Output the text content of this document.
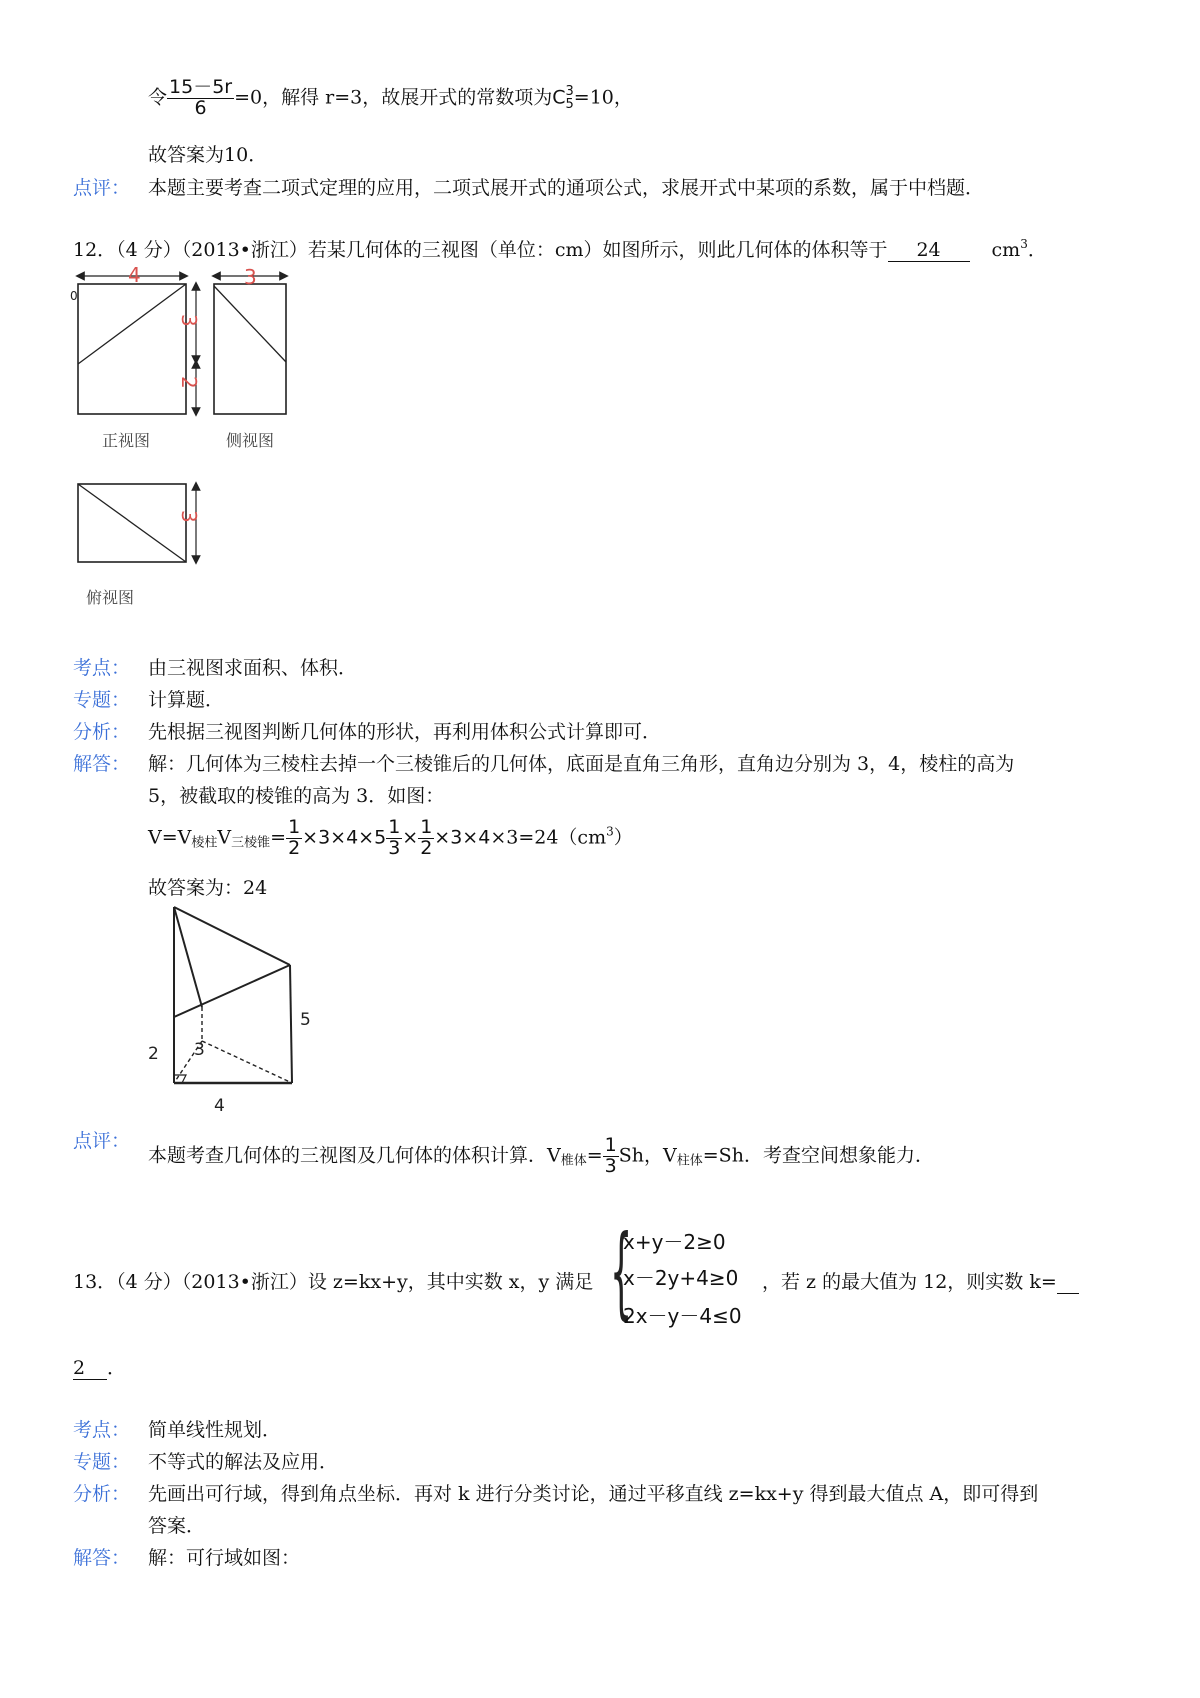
令 $\frac{15-5r}{6} =0$，解得 r=3，故展开式的常数项为C 3
5 =10，
故答案为10．
点评： 本题主要考查二项式定理的应用，二项式展开式的通项公式，求展开式中某项的系数，属于中档题．
12．（4 分）（2013•浙江）若某几何体的三视图（单位：cm）如图所示，则此几何体的体积等于 24	$cm^3$．
4
0
3
2
3
正视图	侧视图
3
俯视图
考点： 由三视图求面积、体积．
专题： 计算题．
分析： 先根据三视图判断几何体的形状，再利用体积公式计算即可．
解答： 解：几何体为三棱柱去掉一个三棱锥后的几何体，底面是直角三角形，直角边分别为 3，4，棱柱的高为
5，被截取的棱锥的高为 3．如图：
$V=V_{棱柱}V_{三棱锥}= \frac{1}{2} \times 3\times 4\times 5 \frac{1}{3} \times \frac{1}{2} \times 3\times 4\times 3=24(cm^3)$
故答案为：24
2 3
5
4
点评：
本题考查几何体的三视图及几何体的体积计算．$V_{椎体}= \frac{1}{3}$ Sh，$V_{柱体}=Sh$．考查空间想象能力．
13．（4 分）（2013•浙江）设 z=kx+y，其中实数 x，y 满足 {
x+y－2≥0
x－2y+4≥0
2x－y－4≤0
，若 z 的最大值为 12，则实数 k=
2 ．
考点： 简单线性规划．
专题： 不等式的解法及应用．
分析： 先画出可行域，得到角点坐标．再对 k 进行分类讨论，通过平移直线 z=kx+y 得到最大值点 A，即可得到
答案．
解答： 解：可行域如图：
